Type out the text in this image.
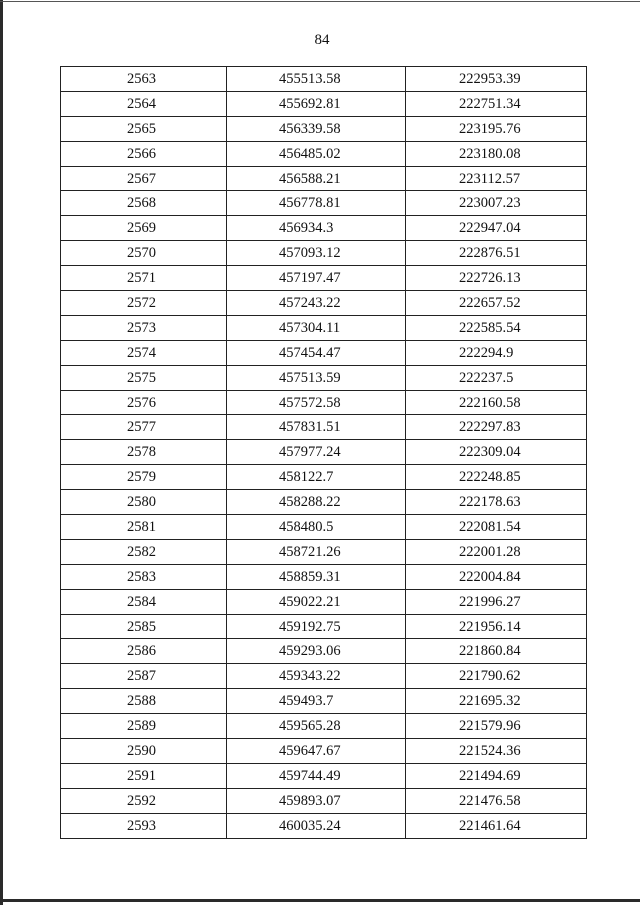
84
2563	455513.58	222953.39
2564	455692.81	222751.34
2565	456339.58	223195.76
2566	456485.02	223180.08
2567	456588.21	223112.57
2568	456778.81	223007.23
2569	456934.3	222947.04
2570	457093.12	222876.51
2571	457197.47	222726.13
2572	457243.22	222657.52
2573	457304.11	222585.54
2574	457454.47	222294.9
2575	457513.59	222237.5
2576	457572.58	222160.58
2577	457831.51	222297.83
2578	457977.24	222309.04
2579	458122.7	222248.85
2580	458288.22	222178.63
2581	458480.5	222081.54
2582	458721.26	222001.28
2583	458859.31	222004.84
2584	459022.21	221996.27
2585	459192.75	221956.14
2586	459293.06	221860.84
2587	459343.22	221790.62
2588	459493.7	221695.32
2589	459565.28	221579.96
2590	459647.67	221524.36
2591	459744.49	221494.69
2592	459893.07	221476.58
2593	460035.24	221461.64
